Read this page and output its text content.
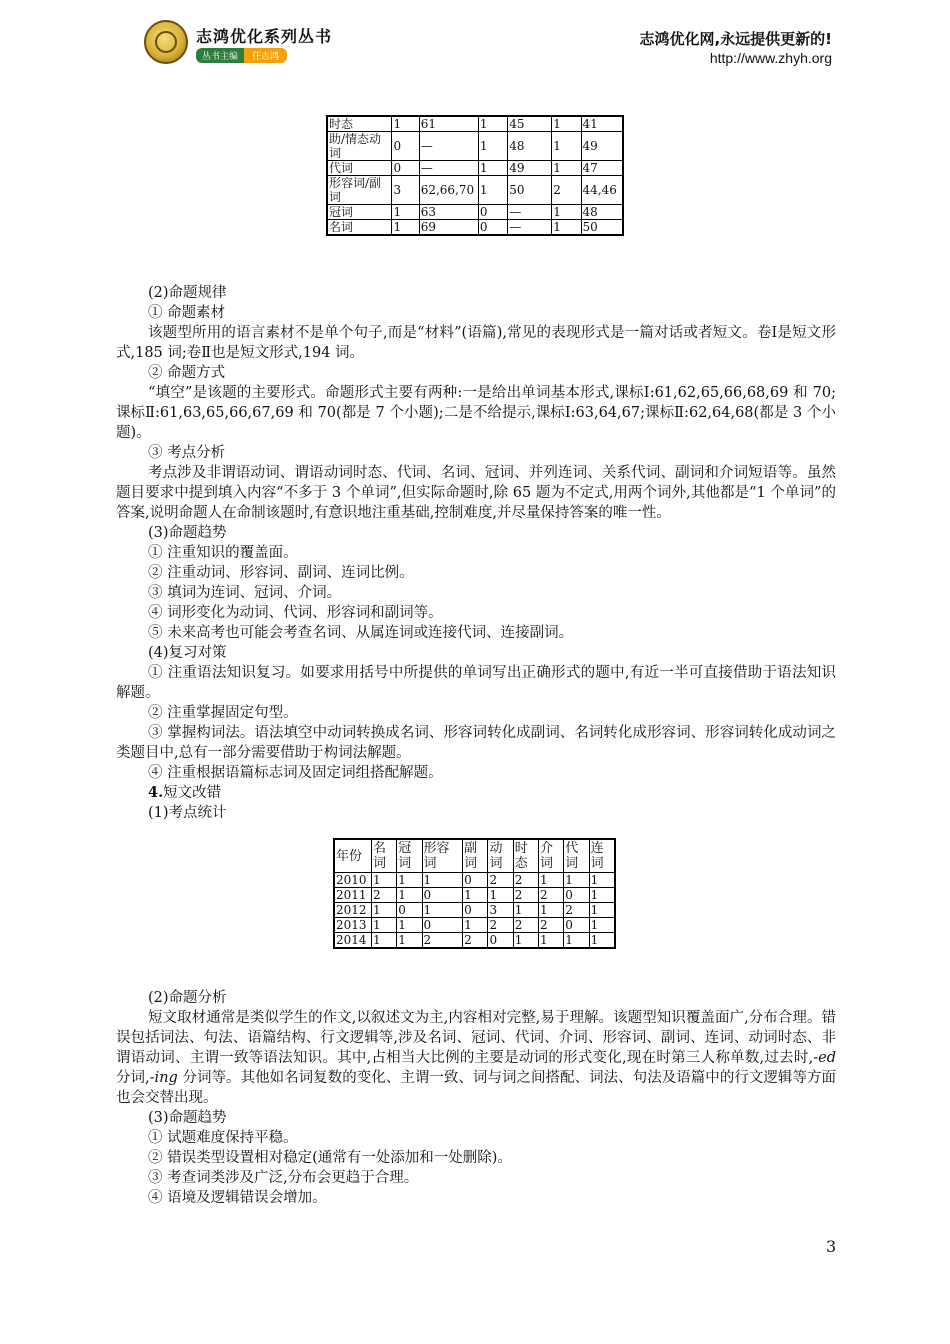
志鸿优化系列丛书
丛书主编 任志鸿
志鸿优化网,永远提供更新的!
http://www.zhyh.org
时态	1	61	1	45	1	41
助/情态动词	0	—	1	48	1	49
代词	0	—	1	49	1	47
形容词/副词	3	62,66,70	1	50	2	44,46
冠词	1	63	0	—	1	48
名词	1	69	0	—	1	50

(2)命题规律

① 命题素材

该题型所用的语言素材不是单个句子,而是“材料”(语篇),常见的表现形式是一篇对话或者短文。卷Ⅰ是短文形式,185 词;卷Ⅱ也是短文形式,194 词。

② 命题方式

“填空”是该题的主要形式。命题形式主要有两种:一是给出单词基本形式,课标Ⅰ:61,62,65,66,68,69 和 70;课标Ⅱ:61,63,65,66,67,69 和 70(都是 7 个小题);二是不给提示,课标Ⅰ:63,64,67;课标Ⅱ:62,64,68(都是 3 个小题)。

③ 考点分析

考点涉及非谓语动词、谓语动词时态、代词、名词、冠词、并列连词、关系代词、副词和介词短语等。虽然题目要求中提到填入内容“不多于 3 个单词”,但实际命题时,除 65 题为不定式,用两个词外,其他都是“1 个单词”的答案,说明命题人在命制该题时,有意识地注重基础,控制难度,并尽量保持答案的唯一性。

(3)命题趋势

① 注重知识的覆盖面。

② 注重动词、形容词、副词、连词比例。

③ 填词为连词、冠词、介词。

④ 词形变化为动词、代词、形容词和副词等。

⑤ 未来高考也可能会考查名词、从属连词或连接代词、连接副词。

(4)复习对策

① 注重语法知识复习。如要求用括号中所提供的单词写出正确形式的题中,有近一半可直接借助于语法知识解题。

② 注重掌握固定句型。

③ 掌握构词法。语法填空中动词转换成名词、形容词转化成副词、名词转化成形容词、形容词转化成动词之类题目中,总有一部分需要借助于构词法解题。

④ 注重根据语篇标志词及固定词组搭配解题。

4.短文改错

(1)考点统计

年份	名词	冠词	形容词	副词	动词	时态	介词	代词	连词
2010	1	1	1	0	2	2	1	1	1
2011	2	1	0	1	1	2	2	0	1
2012	1	0	1	0	3	1	1	2	1
2013	1	1	0	1	2	2	2	0	1
2014	1	1	2	2	0	1	1	1	1

(2)命题分析

短文取材通常是类似学生的作文,以叙述文为主,内容相对完整,易于理解。该题型知识覆盖面广,分布合理。错误包括词法、句法、语篇结构、行文逻辑等,涉及名词、冠词、代词、介词、形容词、副词、连词、动词时态、非谓语动词、主谓一致等语法知识。其中,占相当大比例的主要是动词的形式变化,现在时第三人称单数,过去时,-ed 分词,-ing 分词等。其他如名词复数的变化、主谓一致、词与词之间搭配、词法、句法及语篇中的行文逻辑等方面也会交替出现。

(3)命题趋势

① 试题难度保持平稳。

② 错误类型设置相对稳定(通常有一处添加和一处删除)。

③ 考查词类涉及广泛,分布会更趋于合理。

④ 语境及逻辑错误会增加。

3
